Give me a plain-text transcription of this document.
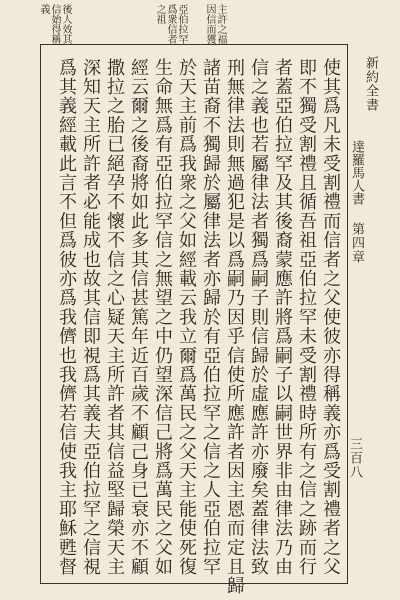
主許之福
因信而獲
亞伯拉罕
爲衆信者
之祖
後人效其
信始得稱
義
新約全書
達羅馬人書
第四章
三百八
使其爲凡未受割禮而信者之父使彼亦得稱義亦爲受割禮者之父
即不獨受割禮且循吾祖亞伯拉罕未受割禮時所有之信之跡而行
者蓋亞伯拉罕及其後裔蒙應許將爲嗣子以嗣世界非由律法乃由
信之義也若屬律法者獨爲嗣子則信歸於虛應許亦廢矣蓋律法致
刑無律法則無過犯是以爲嗣乃因乎信使所應許者因主恩而定且歸
諸苗裔不獨歸於屬律法者亦歸於有亞伯拉罕之信之人亞伯拉罕
於天主前爲我衆之父如經載云我立爾爲萬民之父天主能使死復
生命無爲有亞伯拉罕信之無望之中仍望深信己將爲萬民之父如
經云爾之後裔將如此多其信甚篤年近百歲不顧己身已衰亦不顧
撒拉之胎已絕孕不懷不信之心疑天主所許者其信益堅歸榮天主
深知天主所許者必能成也故其信即視爲其義夫亞伯拉罕之信視
爲其義經載此言不但爲彼亦爲我儕也我儕若信使我主耶穌甦督
